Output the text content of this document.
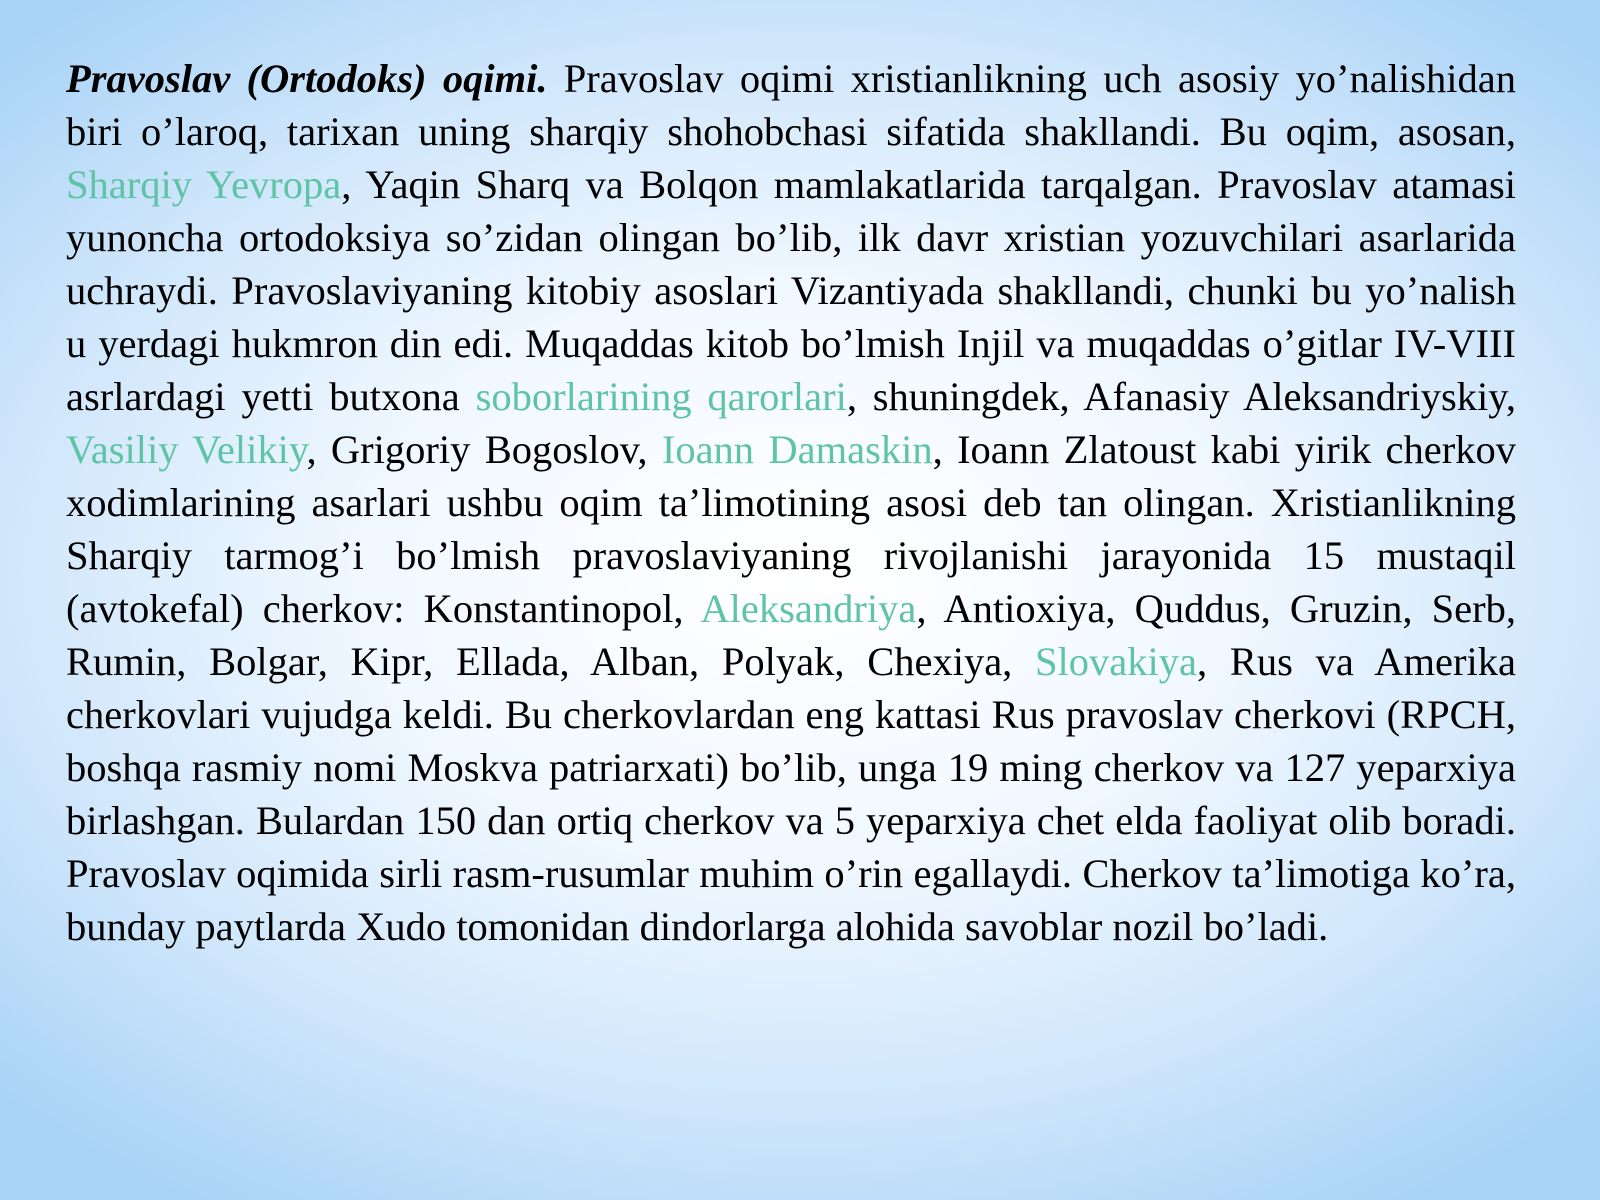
Pravoslav (Ortodoks) oqimi. Pravoslav oqimi xristianlikning uch asosiy yo’nalishidan biri o’laroq, tarixan uning sharqiy shohobchasi sifatida shakllandi. Bu oqim, asosan, Sharqiy Yevropa, Yaqin Sharq va Bolqon mamlakatlarida tarqalgan. Pravoslav atamasi yunoncha ortodoksiya so’zidan olingan bo’lib, ilk davr xristian yozuvchilari asarlarida uchraydi. Pravoslaviyaning kitobiy asoslari Vizantiyada shakllandi, chunki bu yo’nalish u yerdagi hukmron din edi. Muqaddas kitob bo’lmish Injil va muqaddas o’gitlar IV-VIII asrlardagi yetti butxona soborlarining qarorlari, shuningdek, Afanasiy Aleksandriyskiy, Vasiliy Velikiy, Grigoriy Bogoslov, Ioann Damaskin, Ioann Zlatoust kabi yirik cherkov xodimlarining asarlari ushbu oqim ta’limotining asosi deb tan olingan. Xristianlikning Sharqiy tarmog’i bo’lmish pravoslaviyaning rivojlanishi jarayonida 15 mustaqil (avtokefal) cherkov: Konstantinopol, Aleksandriya, Antioxiya, Quddus, Gruzin, Serb, Rumin, Bolgar, Kipr, Ellada, Alban, Polyak, Chexiya, Slovakiya, Rus va Amerika cherkovlari vujudga keldi. Bu cherkovlardan eng kattasi Rus pravoslav cherkovi (RPCH, boshqa rasmiy nomi Moskva patriarxati) bo’lib, unga 19 ming cherkov va 127 yeparxiya birlashgan. Bulardan 150 dan ortiq cherkov va 5 yeparxiya chet elda faoliyat olib boradi. Pravoslav oqimida sirli rasm-rusumlar muhim o’rin egallaydi. Cherkov ta’limotiga ko’ra, bunday paytlarda Xudo tomonidan dindorlarga alohida savoblar nozil bo’ladi.
